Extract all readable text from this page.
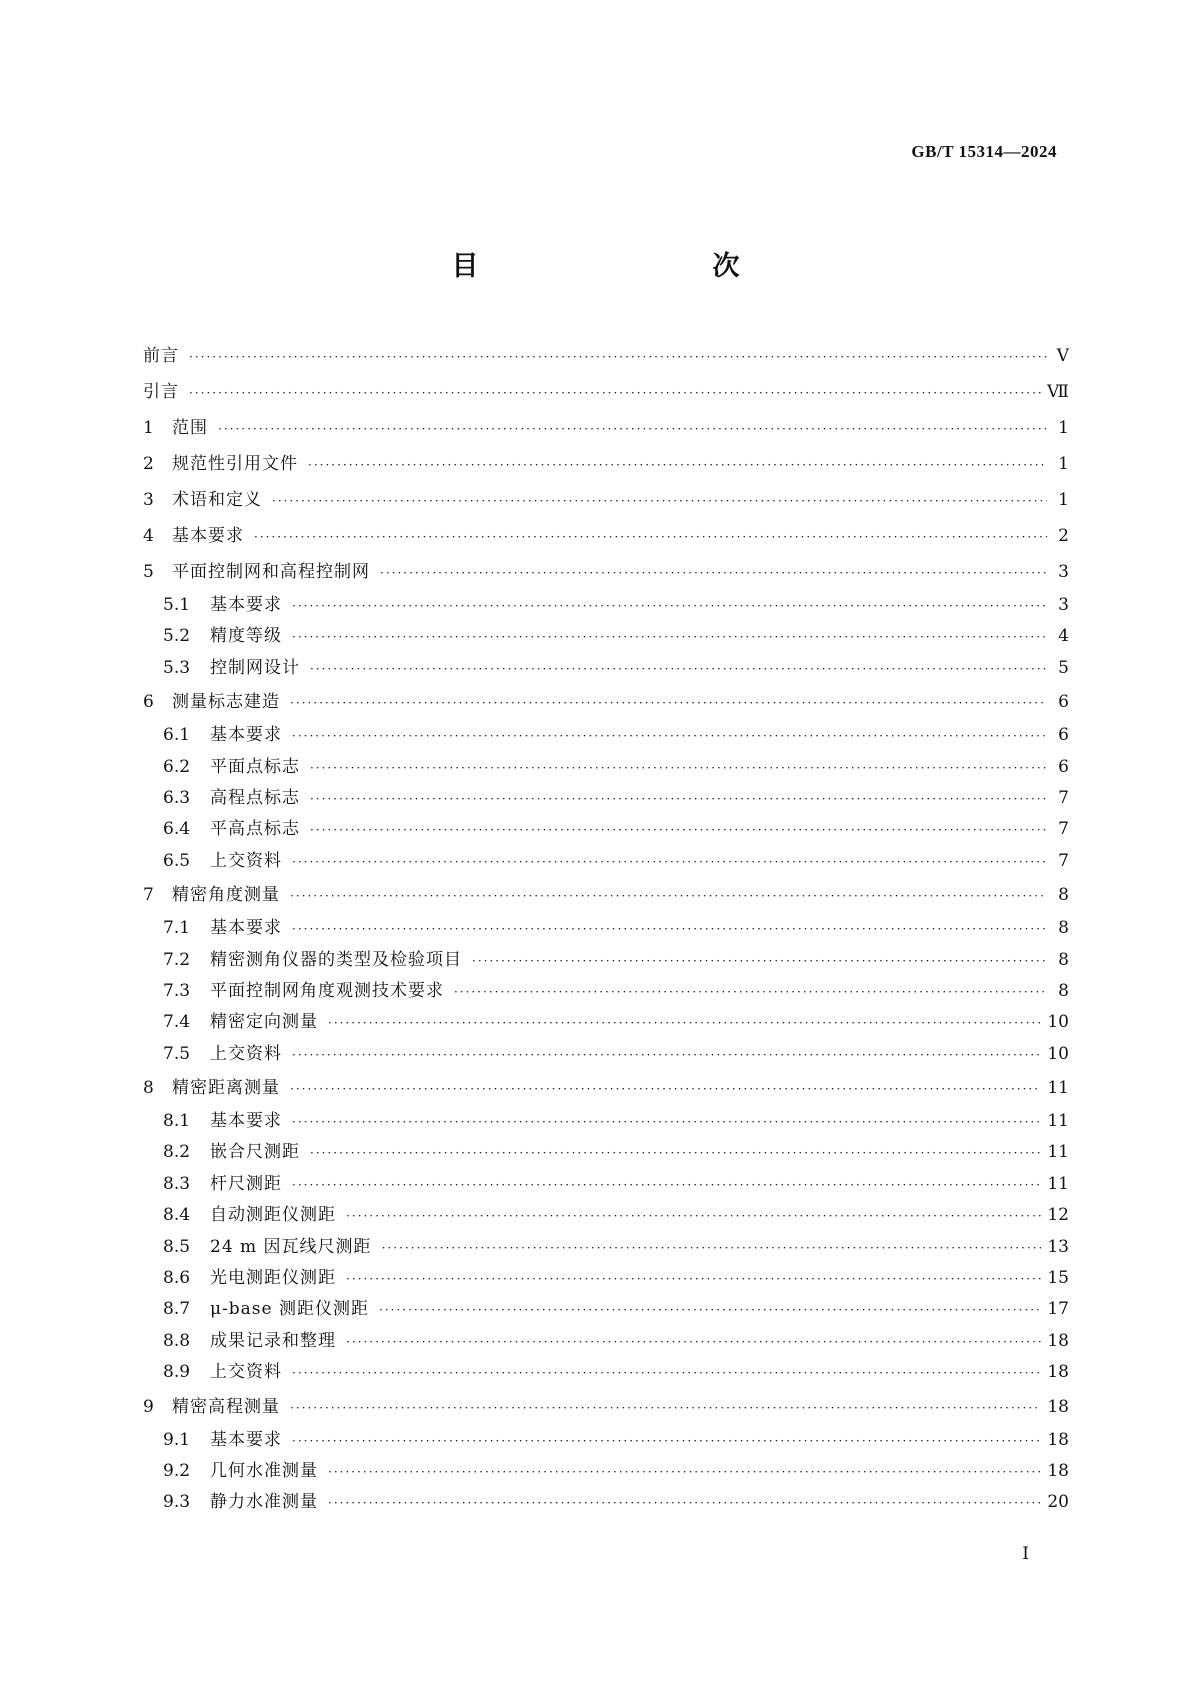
GB/T 15314—2024
目　　次
前言 ·····	Ⅴ
引言 ·····	Ⅶ
1	范围 ·····	1
2	规范性引用文件 ·····	1
3	术语和定义 ·····	1
4	基本要求 ·····	2
5	平面控制网和高程控制网 ·····	3
5.1	基本要求 ·····	3
5.2	精度等级 ·····	4
5.3	控制网设计 ·····	5
6	测量标志建造 ·····	6
6.1	基本要求 ·····	6
6.2	平面点标志 ·····	6
6.3	高程点标志 ·····	7
6.4	平高点标志 ·····	7
6.5	上交资料 ·····	7
7	精密角度测量 ·····	8
7.1	基本要求 ·····	8
7.2	精密测角仪器的类型及检验项目 ·····	8
7.3	平面控制网角度观测技术要求 ·····	8
7.4	精密定向测量 ·····	10
7.5	上交资料 ·····	10
8	精密距离测量 ·····	11
8.1	基本要求 ·····	11
8.2	嵌合尺测距 ·····	11
8.3	杆尺测距 ·····	11
8.4	自动测距仪测距 ·····	12
8.5	24 m 因瓦线尺测距 ·····	13
8.6	光电测距仪测距 ·····	15
8.7	μ-base 测距仪测距 ·····	17
8.8	成果记录和整理 ·····	18
8.9	上交资料 ·····	18
9	精密高程测量 ·····	18
9.1	基本要求 ·····	18
9.2	几何水准测量 ·····	18
9.3	静力水准测量 ·····	20
Ⅰ
